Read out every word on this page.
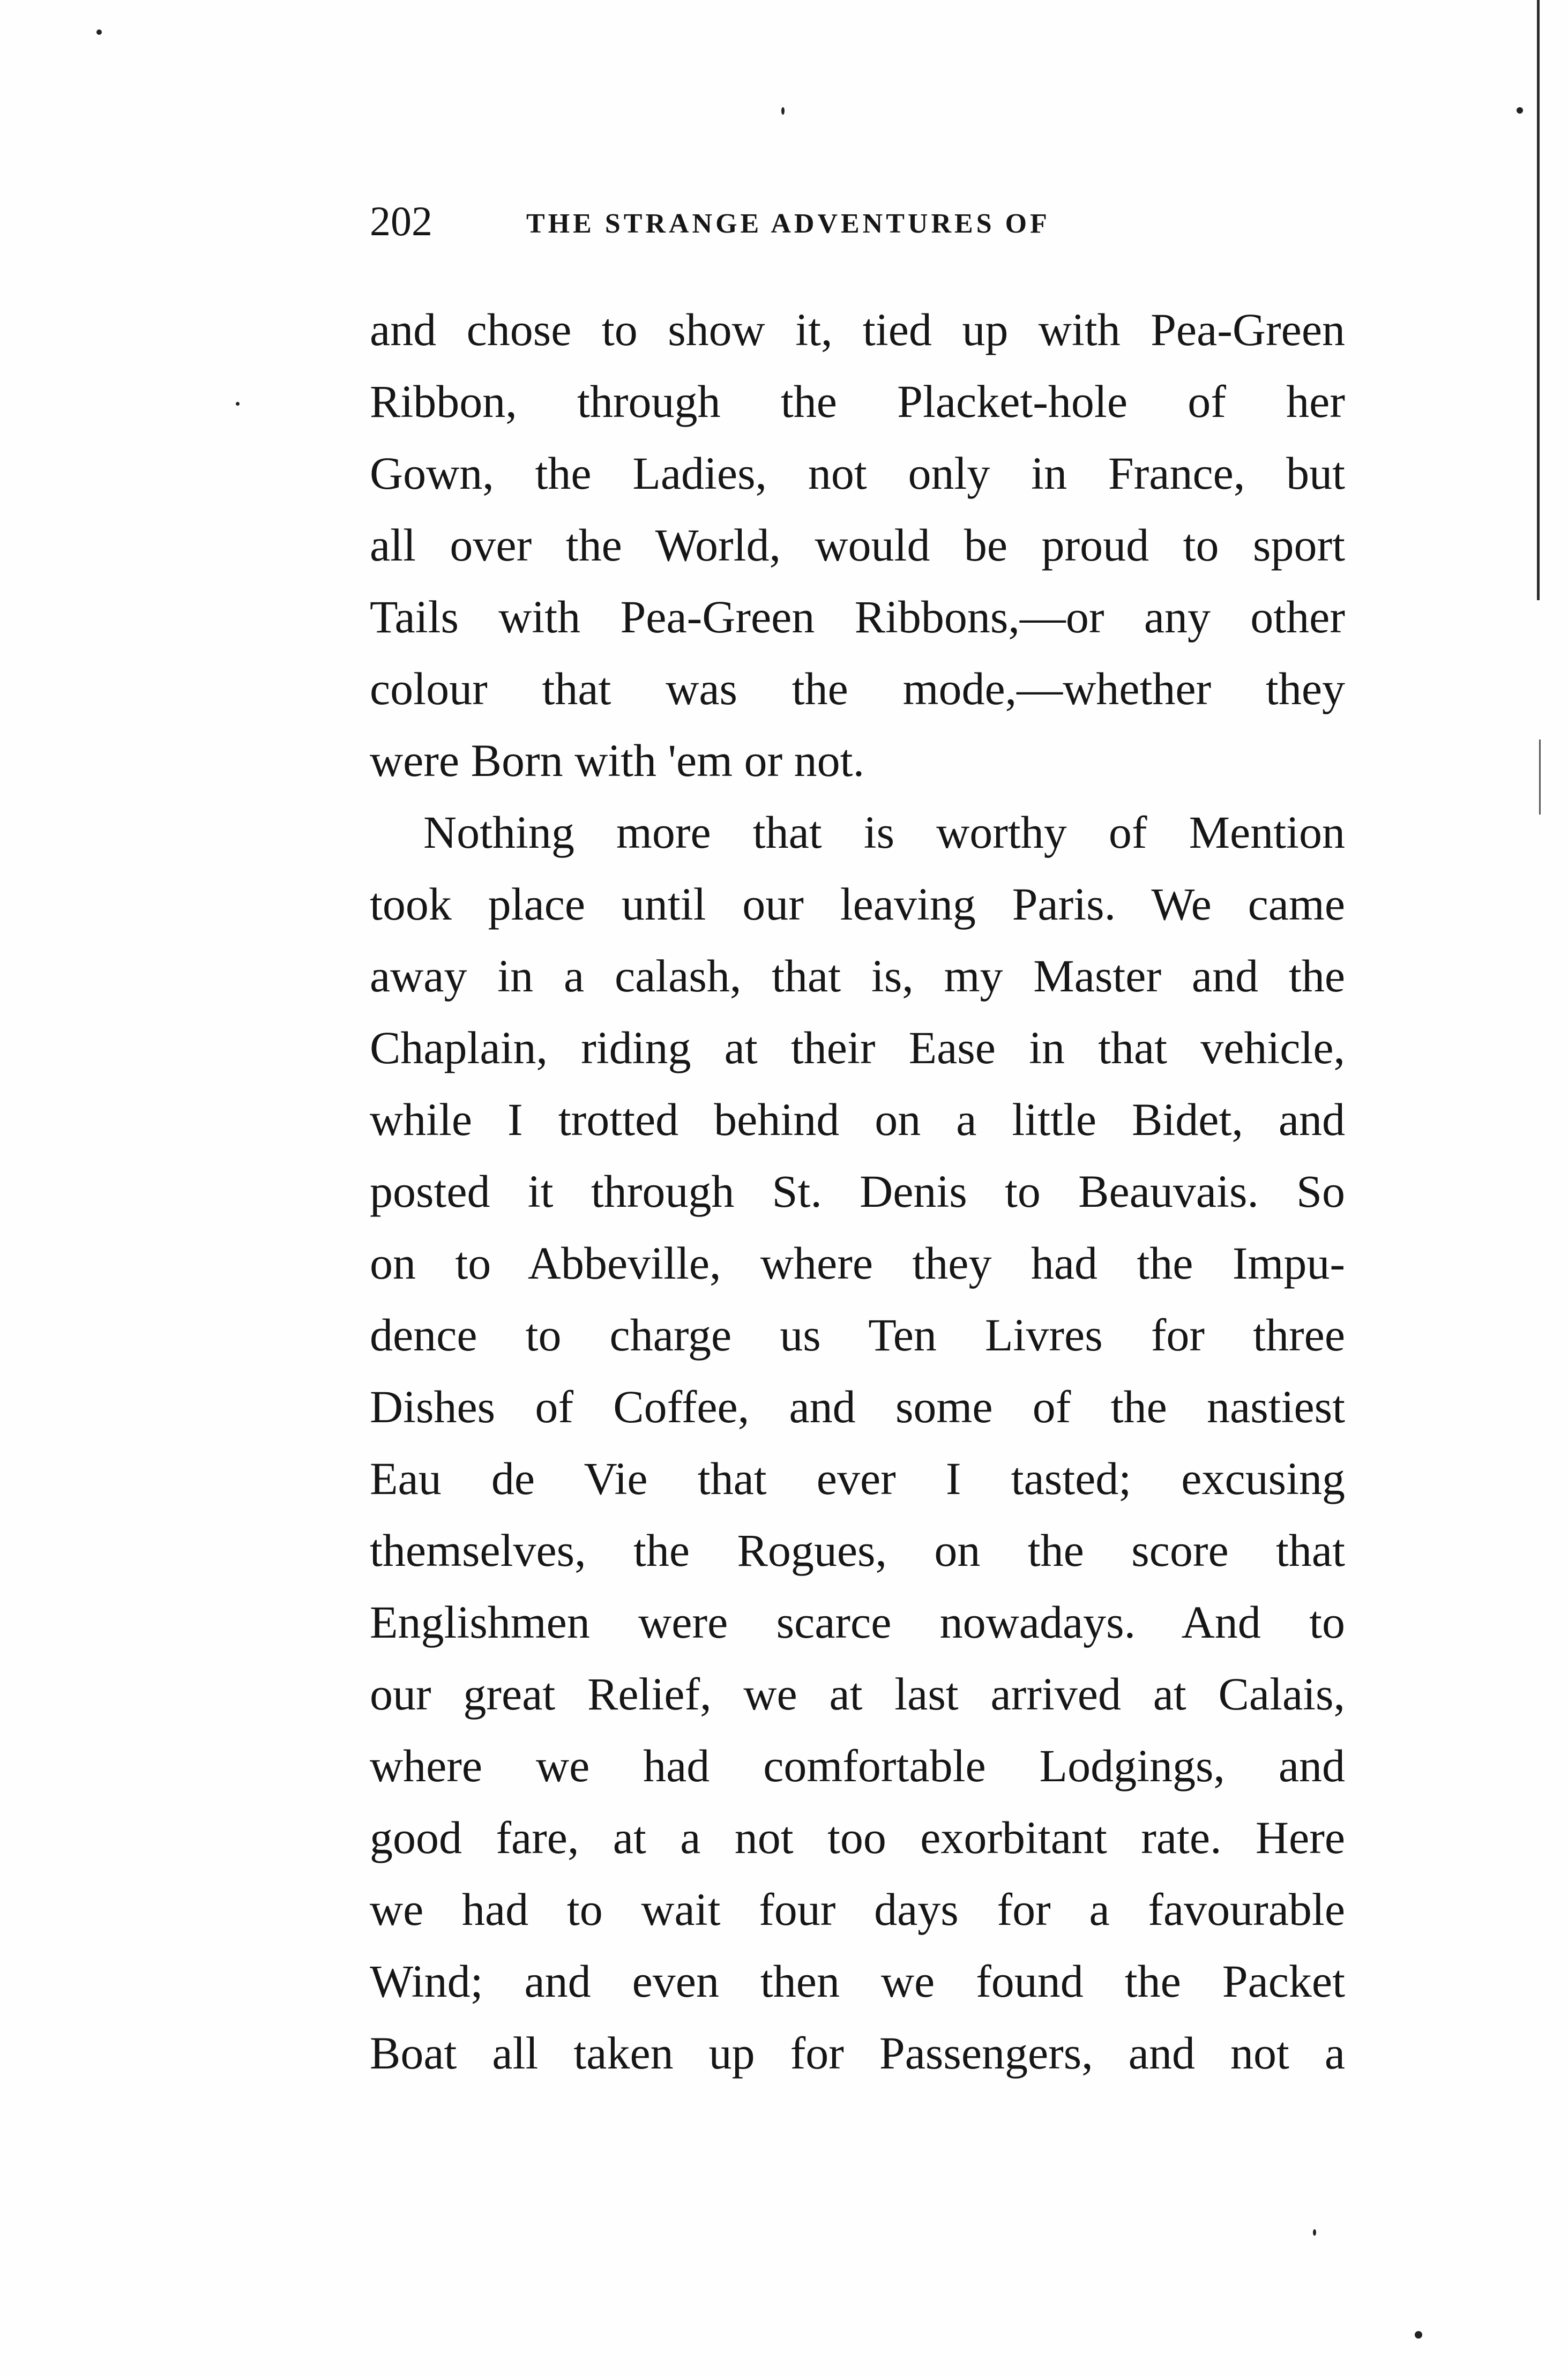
202	THE STRANGE ADVENTURES OF
and chose to show it, tied up with Pea-Green
Ribbon, through the Placket-hole of her
Gown, the Ladies, not only in France, but
all over the World, would be proud to sport
Tails with Pea-Green Ribbons,—or any other
colour that was the mode,—whether they
were Born with 'em or not.
Nothing more that is worthy of Mention
took place until our leaving Paris. We came
away in a calash, that is, my Master and the
Chaplain, riding at their Ease in that vehicle,
while I trotted behind on a little Bidet, and
posted it through St. Denis to Beauvais. So
on to Abbeville, where they had the Impu-
dence to charge us Ten Livres for three
Dishes of Coffee, and some of the nastiest
Eau de Vie that ever I tasted; excusing
themselves, the Rogues, on the score that
Englishmen were scarce nowadays. And to
our great Relief, we at last arrived at Calais,
where we had comfortable Lodgings, and
good fare, at a not too exorbitant rate. Here
we had to wait four days for a favourable
Wind; and even then we found the Packet
Boat all taken up for Passengers, and not a
